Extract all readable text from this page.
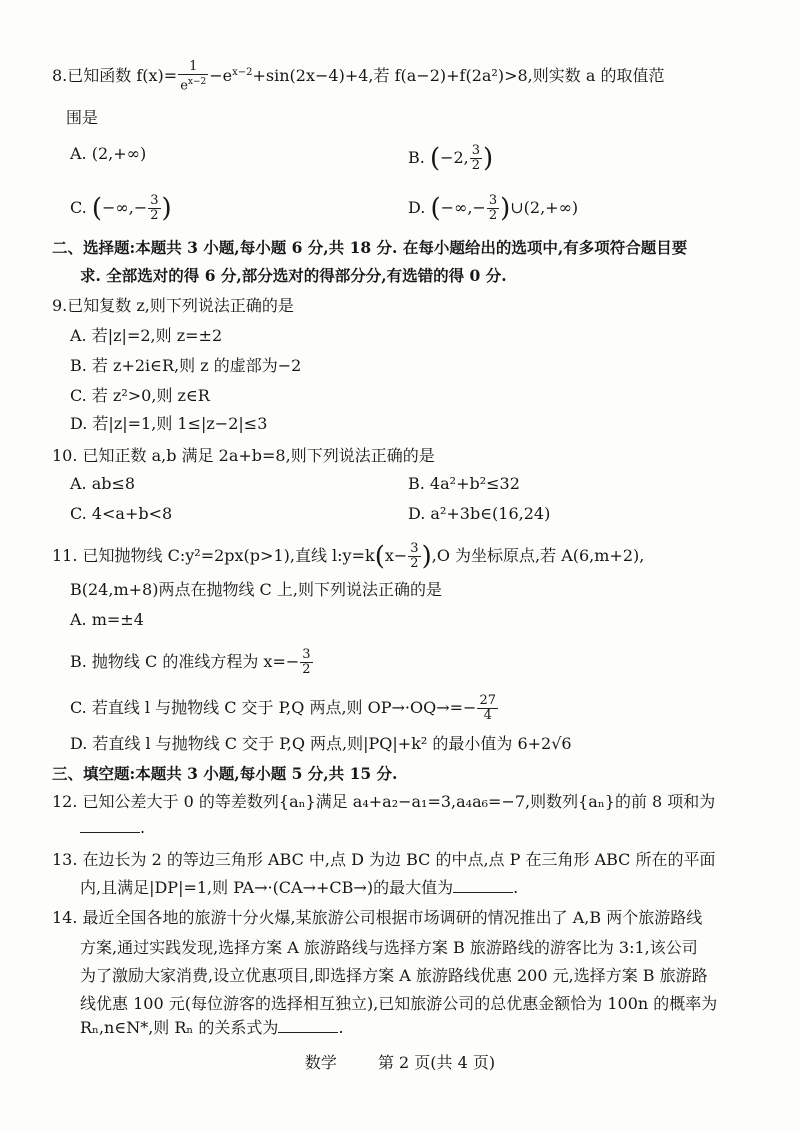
8.已知函数 $f(x)= \frac{1}{e^{x-2}} -e^{x-2}+\sin(2x-4)+4$,若 f(a−2)+f(2a²)>8,则实数 a 的取值范
围是
A. (2,+∞)	B. (−2, $\frac{3}{2}$ )
C. (−∞,− $\frac{3}{2}$ )	D. (−∞,− $\frac{3}{2}$ )∪(2,+∞)
二、选择题:本题共 3 小题,每小题 6 分,共 18 分. 在每小题给出的选项中,有多项符合题目要
求. 全部选对的得 6 分,部分选对的得部分分,有选错的得 0 分.
9.已知复数 z,则下列说法正确的是
A. 若|z|=2,则 z=±2
B. 若 z+2i∈R,则 z 的虚部为−2
C. 若 z²>0,则 z∈R
D. 若|z|=1,则 1≤|z−2|≤3
10. 已知正数 a,b 满足 2a+b=8,则下列说法正确的是
A. ab≤8	B. 4a²+b²≤32
C. 4<a+b<8	D. a²+3b∈(16,24)
11. 已知抛物线 C:y²=2px(p>1),直线 l:y=k(x− $\frac{3}{2} ),O$ 为坐标原点,若 A(6,m+2),
B(24,m+8)两点在抛物线 C 上,则下列说法正确的是
A. m=±4
B. 抛物线 C 的准线方程为 $x=- \frac{3}{2}$
C. 若直线 l 与抛物线 C 交于 P,Q 两点,则 $OP\to\cdot OQ\to=- \frac{27}{4}$
D. 若直线 l 与抛物线 C 交于 P,Q 两点,则|PQ|+k² 的最小值为 6+2√6
三、填空题:本题共 3 小题,每小题 5 分,共 15 分.
12. 已知公差大于 0 的等差数列{aₙ}满足 a₄+a₂−a₁=3,a₄a₆=−7,则数列{aₙ}的前 8 项和为
.
13. 在边长为 2 的等边三角形 ABC 中,点 D 为边 BC 的中点,点 P 在三角形 ABC 所在的平面
内,且满足|DP|=1,则 PA→·(CA→+CB→)的最大值为	.
14. 最近全国各地的旅游十分火爆,某旅游公司根据市场调研的情况推出了 A,B 两个旅游路线
方案,通过实践发现,选择方案 A 旅游路线与选择方案 B 旅游路线的游客比为 3:1,该公司
为了激励大家消费,设立优惠项目,即选择方案 A 旅游路线优惠 200 元,选择方案 B 旅游路
线优惠 100 元(每位游客的选择相互独立),已知旅游公司的总优惠金额恰为 100n 的概率为
Rₙ,n∈N*,则 Rₙ 的关系式为	.
数学	第 2 页(共 4 页)
